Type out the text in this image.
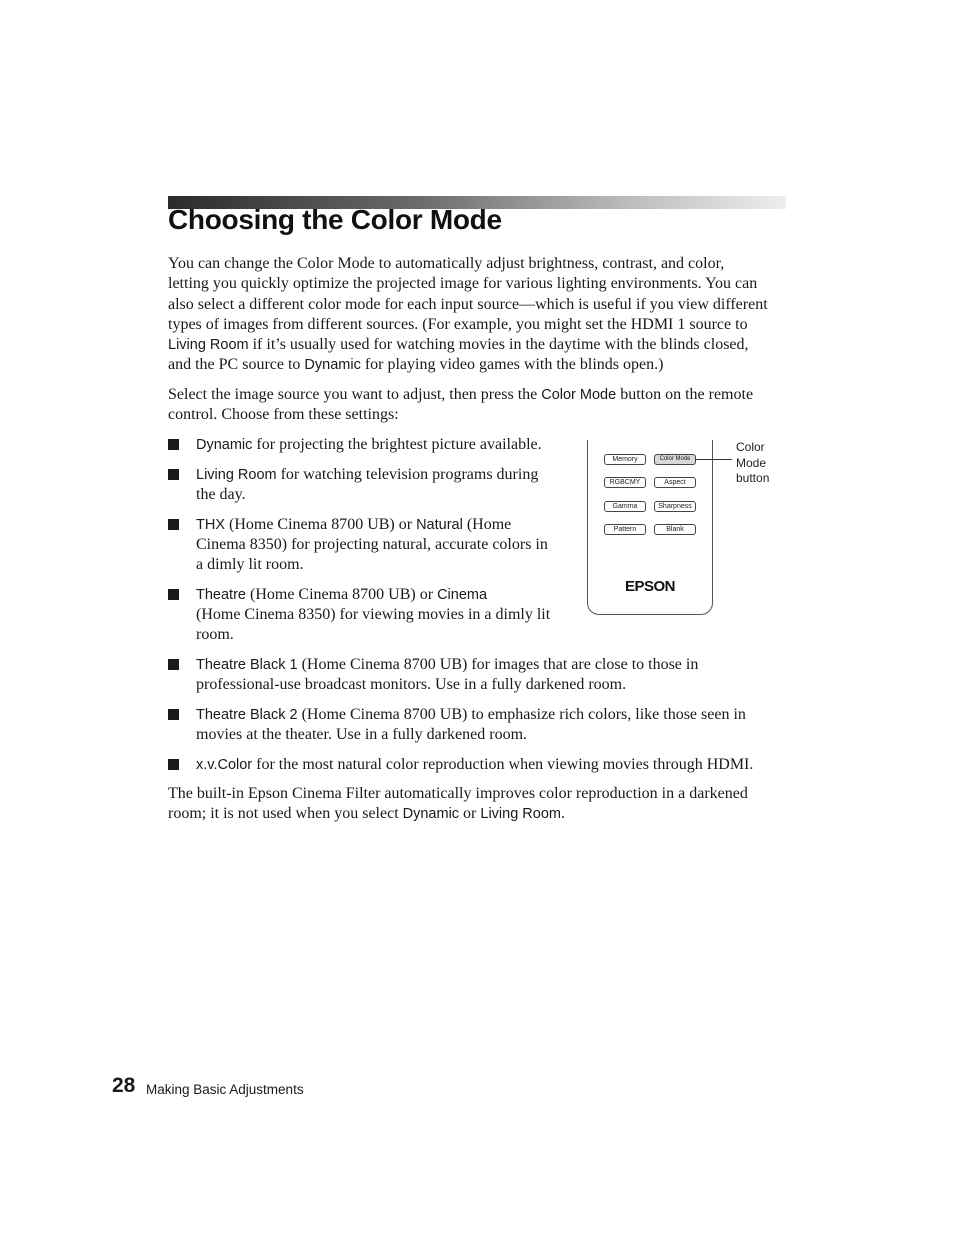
Choosing the Color Mode
You can change the Color Mode to automatically adjust brightness, contrast, and color,
letting you quickly optimize the projected image for various lighting environments. You can
also select a different color mode for each input source—which is useful if you view different
types of images from different sources. (For example, you might set the HDMI 1 source to
Living Room if it’s usually used for watching movies in the daytime with the blinds closed,
and the PC source to Dynamic for playing video games with the blinds open.)
Select the image source you want to adjust, then press the Color Mode button on the remote
control. Choose from these settings:
Dynamic for projecting the brightest picture available.
Living Room for watching television programs during
the day.
THX (Home Cinema 8700 UB) or Natural (Home
Cinema 8350) for projecting natural, accurate colors in
a dimly lit room.
Theatre (Home Cinema 8700 UB) or Cinema
(Home Cinema 8350) for viewing movies in a dimly lit
room.
Theatre Black 1 (Home Cinema 8700 UB) for images that are close to those in
professional-use broadcast monitors. Use in a fully darkened room.
Theatre Black 2 (Home Cinema 8700 UB) to emphasize rich colors, like those seen in
movies at the theater. Use in a fully darkened room.
x.v.Color for the most natural color reproduction when viewing movies through HDMI.
The built-in Epson Cinema Filter automatically improves color reproduction in a darkened
room; it is not used when you select Dynamic or Living Room.
Memory	Color Mode
RGBCMY	Aspect
Gamma	Sharpness
Pattern	Blank
EPSON
Color
Mode
button
28 Making Basic Adjustments
